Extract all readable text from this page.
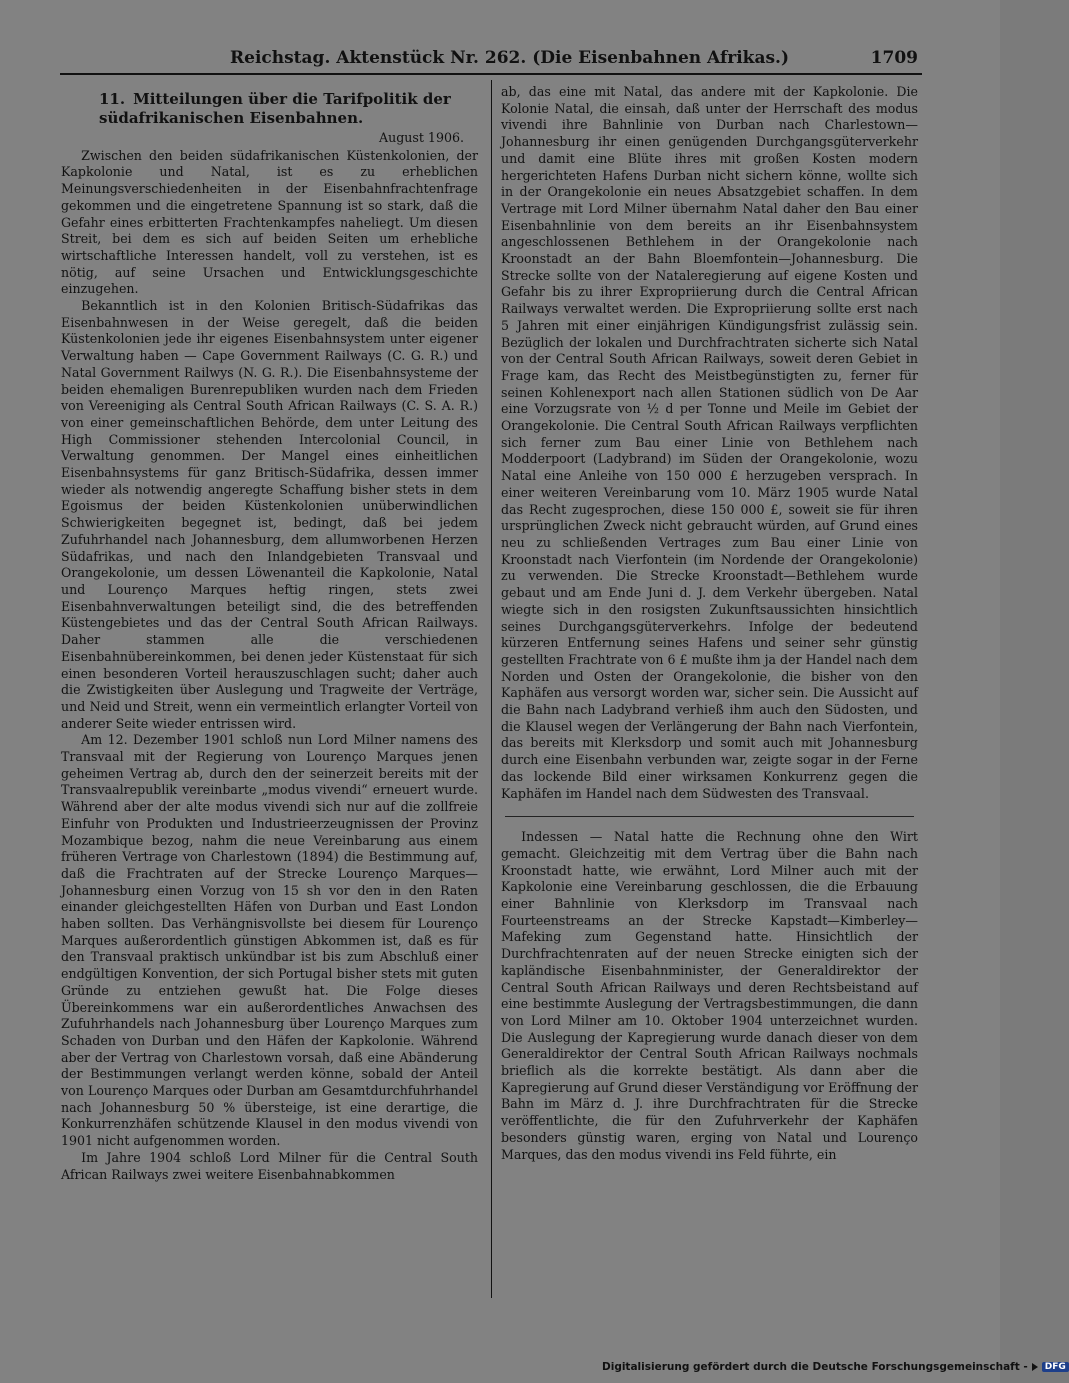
Reichstag. Aktenstück Nr. 262. (Die Eisenbahnen Afrikas.)	1709
11. Mitteilungen über die Tarifpolitik der südafrikanischen Eisenbahnen.
August 1906.

Zwischen den beiden südafrikanischen Küstenkolonien, der Kapkolonie und Natal, ist es zu erheblichen Meinungsverschiedenheiten in der Eisenbahnfrachtenfrage gekommen und die eingetretene Spannung ist so stark, daß die Gefahr eines erbitterten Frachtenkampfes naheliegt. Um diesen Streit, bei dem es sich auf beiden Seiten um erhebliche wirtschaftliche Interessen handelt, voll zu verstehen, ist es nötig, auf seine Ursachen und Entwicklungsgeschichte einzugehen.

Bekanntlich ist in den Kolonien Britisch-Südafrikas das Eisenbahnwesen in der Weise geregelt, daß die beiden Küstenkolonien jede ihr eigenes Eisenbahnsystem unter eigener Verwaltung haben — Cape Government Railways (C. G. R.) und Natal Government Railwys (N. G. R.). Die Eisenbahnsysteme der beiden ehemaligen Burenrepubliken wurden nach dem Frieden von Vereeniging als Central South African Railways (C. S. A. R.) von einer gemeinschaftlichen Behörde, dem unter Leitung des High Commissioner stehenden Intercolonial Council, in Verwaltung genommen. Der Mangel eines einheitlichen Eisenbahnsystems für ganz Britisch-Südafrika, dessen immer wieder als notwendig angeregte Schaffung bisher stets in dem Egoismus der beiden Küstenkolonien unüberwindlichen Schwierigkeiten begegnet ist, bedingt, daß bei jedem Zufuhrhandel nach Johannesburg, dem allumworbenen Herzen Südafrikas, und nach den Inlandgebieten Transvaal und Orangekolonie, um dessen Löwenanteil die Kapkolonie, Natal und Lourenço Marques heftig ringen, stets zwei Eisenbahnverwaltungen beteiligt sind, die des betreffenden Küstengebietes und das der Central South African Railways. Daher stammen alle die verschiedenen Eisenbahnübereinkommen, bei denen jeder Küstenstaat für sich einen besonderen Vorteil herauszuschlagen sucht; daher auch die Zwistigkeiten über Auslegung und Tragweite der Verträge, und Neid und Streit, wenn ein vermeintlich erlangter Vorteil von anderer Seite wieder entrissen wird.

Am 12. Dezember 1901 schloß nun Lord Milner namens des Transvaal mit der Regierung von Lourenço Marques jenen geheimen Vertrag ab, durch den der seinerzeit bereits mit der Transvaalrepublik vereinbarte „modus vivendi“ erneuert wurde. Während aber der alte modus vivendi sich nur auf die zollfreie Einfuhr von Produkten und Industrieerzeugnissen der Provinz Mozambique bezog, nahm die neue Vereinbarung aus einem früheren Vertrage von Charlestown (1894) die Bestimmung auf, daß die Frachtraten auf der Strecke Lourenço Marques—Johannesburg einen Vorzug von 15 sh vor den in den Raten einander gleichgestellten Häfen von Durban und East London haben sollten. Das Verhängnisvollste bei diesem für Lourenço Marques außerordentlich günstigen Abkommen ist, daß es für den Transvaal praktisch unkündbar ist bis zum Abschluß einer endgültigen Konvention, der sich Portugal bisher stets mit guten Gründe zu entziehen gewußt hat. Die Folge dieses Übereinkommens war ein außerordentliches Anwachsen des Zufuhrhandels nach Johannesburg über Lourenço Marques zum Schaden von Durban und den Häfen der Kapkolonie. Während aber der Vertrag von Charlestown vorsah, daß eine Abänderung der Bestimmungen verlangt werden könne, sobald der Anteil von Lourenço Marques oder Durban am Gesamtdurchfuhrhandel nach Johannesburg 50 % übersteige, ist eine derartige, die Konkurrenzhäfen schützende Klausel in den modus vivendi von 1901 nicht aufgenommen worden.

Im Jahre 1904 schloß Lord Milner für die Central South African Railways zwei weitere Eisenbahnabkommen

ab, das eine mit Natal, das andere mit der Kapkolonie. Die Kolonie Natal, die einsah, daß unter der Herrschaft des modus vivendi ihre Bahnlinie von Durban nach Charlestown—Johannesburg ihr einen genügenden Durchgangsgüterverkehr und damit eine Blüte ihres mit großen Kosten modern hergerichteten Hafens Durban nicht sichern könne, wollte sich in der Orangekolonie ein neues Absatzgebiet schaffen. In dem Vertrage mit Lord Milner übernahm Natal daher den Bau einer Eisenbahnlinie von dem bereits an ihr Eisenbahnsystem angeschlossenen Bethlehem in der Orangekolonie nach Kroonstadt an der Bahn Bloemfontein—Johannesburg. Die Strecke sollte von der Nataleregierung auf eigene Kosten und Gefahr bis zu ihrer Expropriierung durch die Central African Railways verwaltet werden. Die Expropriierung sollte erst nach 5 Jahren mit einer einjährigen Kündigungsfrist zulässig sein. Bezüglich der lokalen und Durchfrachtraten sicherte sich Natal von der Central South African Railways, soweit deren Gebiet in Frage kam, das Recht des Meistbegünstigten zu, ferner für seinen Kohlenexport nach allen Stationen südlich von De Aar eine Vorzugsrate von ½ d per Tonne und Meile im Gebiet der Orangekolonie. Die Central South African Railways verpflichten sich ferner zum Bau einer Linie von Bethlehem nach Modderpoort (Ladybrand) im Süden der Orangekolonie, wozu Natal eine Anleihe von 150 000 £ herzugeben versprach. In einer weiteren Vereinbarung vom 10. März 1905 wurde Natal das Recht zugesprochen, diese 150 000 £, soweit sie für ihren ursprünglichen Zweck nicht gebraucht würden, auf Grund eines neu zu schließenden Vertrages zum Bau einer Linie von Kroonstadt nach Vierfontein (im Nordende der Orangekolonie) zu verwenden. Die Strecke Kroonstadt—Bethlehem wurde gebaut und am Ende Juni d. J. dem Verkehr übergeben. Natal wiegte sich in den rosigsten Zukunftsaussichten hinsichtlich seines Durchgangsgüterverkehrs. Infolge der bedeutend kürzeren Entfernung seines Hafens und seiner sehr günstig gestellten Frachtrate von 6 £ mußte ihm ja der Handel nach dem Norden und Osten der Orangekolonie, die bisher von den Kaphäfen aus versorgt worden war, sicher sein. Die Aussicht auf die Bahn nach Ladybrand verhieß ihm auch den Südosten, und die Klausel wegen der Verlängerung der Bahn nach Vierfontein, das bereits mit Klerksdorp und somit auch mit Johannesburg durch eine Eisenbahn verbunden war, zeigte sogar in der Ferne das lockende Bild einer wirksamen Konkurrenz gegen die Kaphäfen im Handel nach dem Südwesten des Transvaal.

Indessen — Natal hatte die Rechnung ohne den Wirt gemacht. Gleichzeitig mit dem Vertrag über die Bahn nach Kroonstadt hatte, wie erwähnt, Lord Milner auch mit der Kapkolonie eine Vereinbarung geschlossen, die die Erbauung einer Bahnlinie von Klerksdorp im Transvaal nach Fourteenstreams an der Strecke Kapstadt—Kimberley—Mafeking zum Gegenstand hatte. Hinsichtlich der Durchfrachtenraten auf der neuen Strecke einigten sich der kapländische Eisenbahnminister, der Generaldirektor der Central South African Railways und deren Rechtsbeistand auf eine bestimmte Auslegung der Vertragsbestimmungen, die dann von Lord Milner am 10. Oktober 1904 unterzeichnet wurden. Die Auslegung der Kapregierung wurde danach dieser von dem Generaldirektor der Central South African Railways nochmals brieflich als die korrekte bestätigt. Als dann aber die Kapregierung auf Grund dieser Verständigung vor Eröffnung der Bahn im März d. J. ihre Durchfrachtraten für die Strecke veröffentlichte, die für den Zufuhrverkehr der Kaphäfen besonders günstig waren, erging von Natal und Lourenço Marques, das den modus vivendi ins Feld führte, ein

Digitalisierung gefördert durch die Deutsche Forschungsgemeinschaft - DFG
